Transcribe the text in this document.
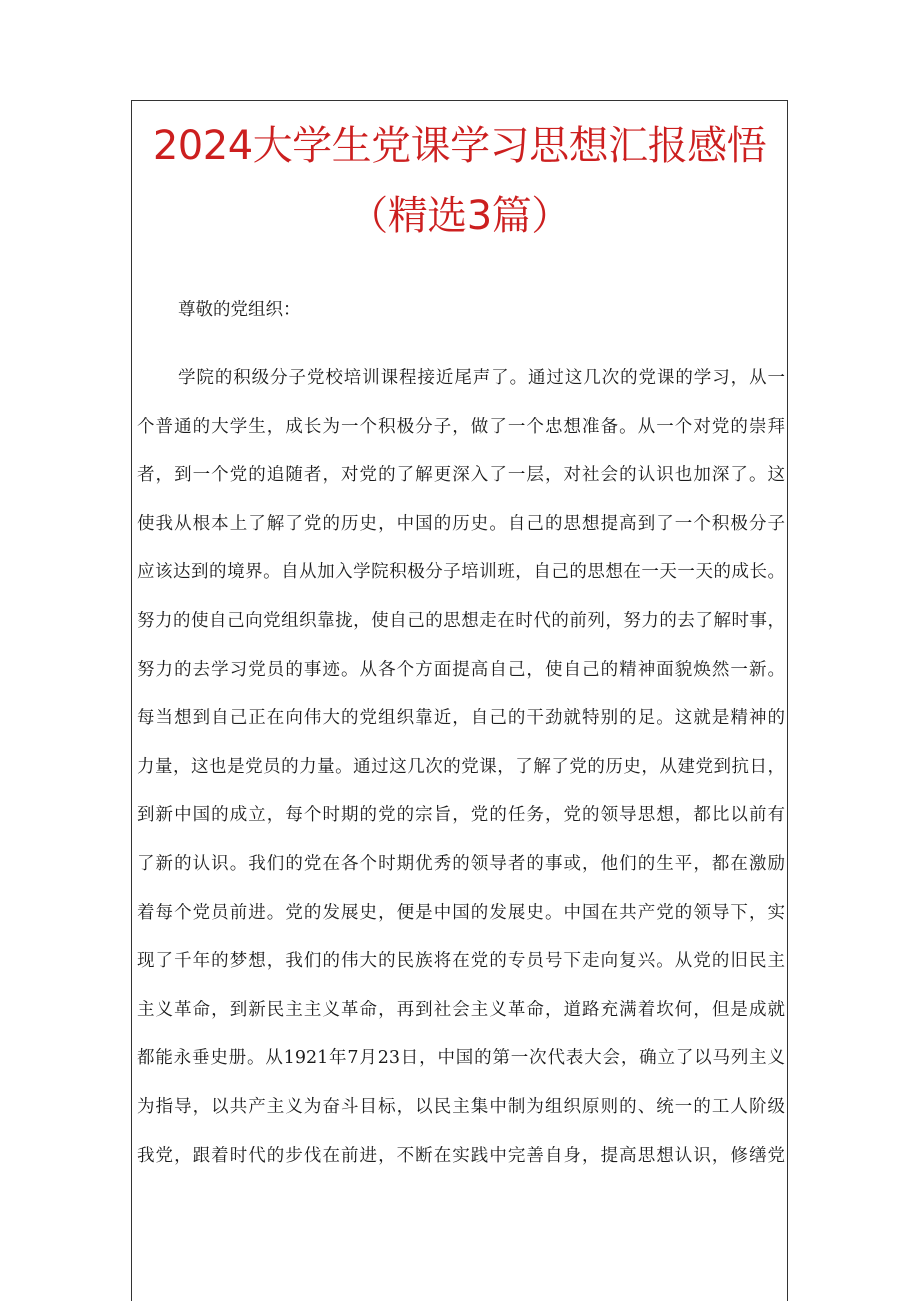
2024大学生党课学习思想汇报感悟
（精选3篇）
尊敬的党组织：
学院的积级分子党校培训课程接近尾声了。通过这几次的党课的学习，从一
个普通的大学生，成长为一个积极分子，做了一个忠想准备。从一个对党的崇拜
者，到一个党的追随者，对党的了解更深入了一层，对社会的认识也加深了。这
使我从根本上了解了党的历史，中国的历史。自己的思想提高到了一个积极分子
应该达到的境界。自从加入学院积极分子培训班，自己的思想在一天一天的成长。
努力的使自己向党组织靠拢，使自己的思想走在时代的前列，努力的去了解时事，
努力的去学习党员的事迹。从各个方面提高自己，使自己的精神面貌焕然一新。
每当想到自己正在向伟大的党组织靠近，自己的干劲就特别的足。这就是精神的
力量，这也是党员的力量。通过这几次的党课，了解了党的历史，从建党到抗日，
到新中国的成立，每个时期的党的宗旨，党的任务，党的领导思想，都比以前有
了新的认识。我们的党在各个时期优秀的领导者的事或，他们的生平，都在激励
着每个党员前进。党的发展史，便是中国的发展史。中国在共产党的领导下，实
现了千年的梦想，我们的伟大的民族将在党的专员号下走向复兴。从党的旧民主
主义革命，到新民主主义革命，再到社会主义革命，道路充满着坎何，但是成就
都能永垂史册。从1921年7月23日，中国的第一次代表大会，确立了以马列主义
为指导，以共产主义为奋斗目标，以民主集中制为组织原则的、统一的工人阶级
我党，跟着时代的步伐在前进，不断在实践中完善自身，提高思想认识，修缮党
